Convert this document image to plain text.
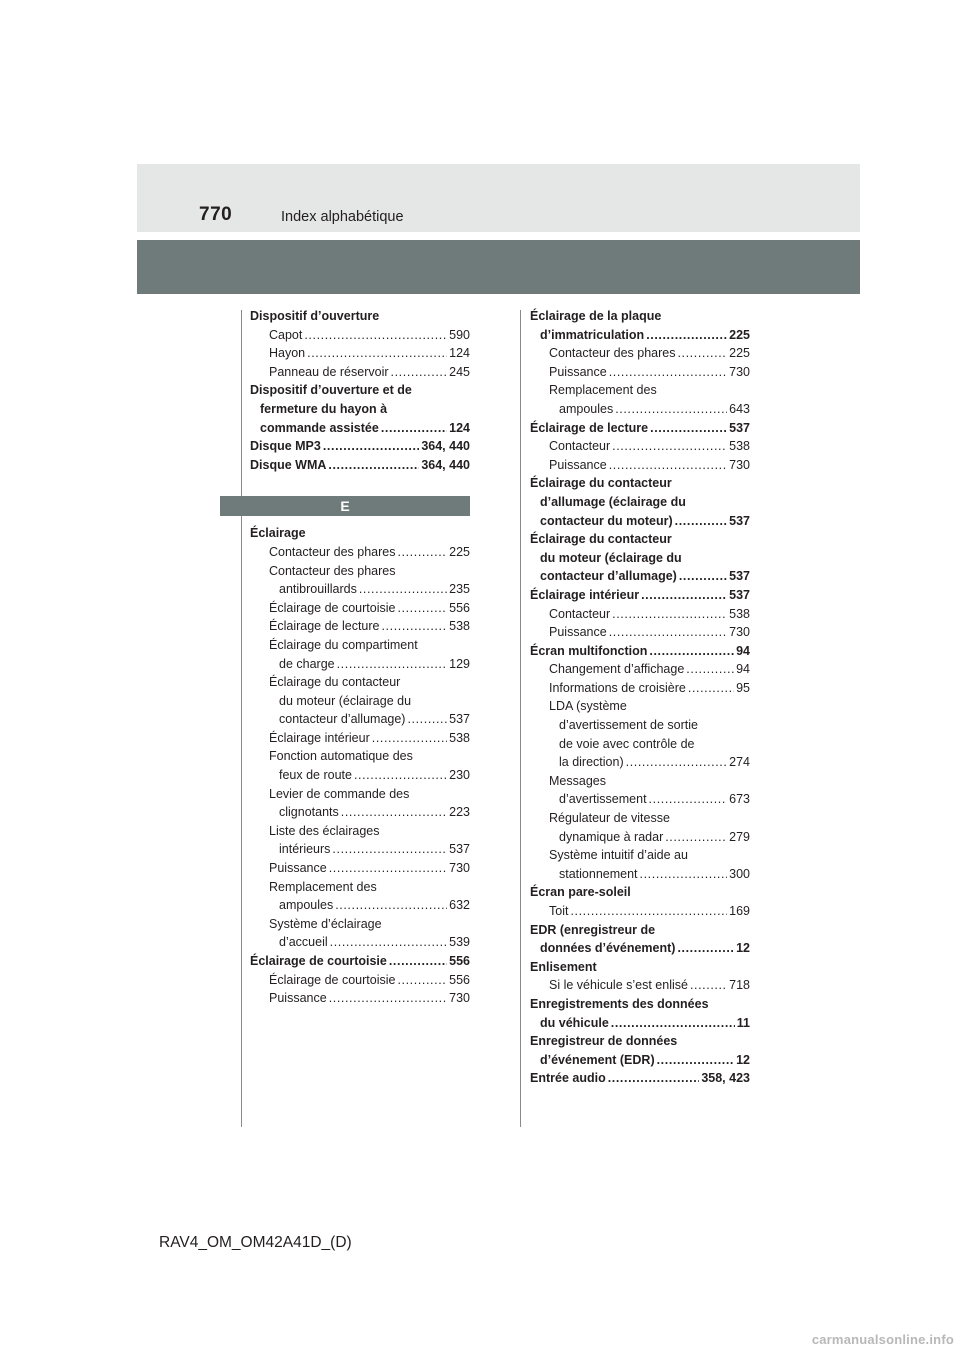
770	Index alphabétique
Dispositif d’ouverture
Capot .....	590
Hayon .....	124
Panneau de réservoir .....	245
Dispositif d’ouverture et de
fermeture du hayon à
commande assistée .....	124
Disque MP3 .....	364, 440
Disque WMA .....	364, 440
E
Éclairage
Contacteur des phares .....	225
Contacteur des phares
antibrouillards .....	235
Éclairage de courtoisie .....	556
Éclairage de lecture .....	538
Éclairage du compartiment
de charge .....	129
Éclairage du contacteur
du moteur (éclairage du
contacteur d’allumage) .....	537
Éclairage intérieur .....	538
Fonction automatique des
feux de route .....	230
Levier de commande des
clignotants .....	223
Liste des éclairages
intérieurs .....	537
Puissance .....	730
Remplacement des
ampoules .....	632
Système d’éclairage
d’accueil .....	539
Éclairage de courtoisie .....	556
Éclairage de courtoisie .....	556
Puissance .....	730
Éclairage de la plaque
d’immatriculation .....	225
Contacteur des phares .....	225
Puissance .....	730
Remplacement des
ampoules .....	643
Éclairage de lecture .....	537
Contacteur .....	538
Puissance .....	730
Éclairage du contacteur
d’allumage (éclairage du
contacteur du moteur) .....	537
Éclairage du contacteur
du moteur (éclairage du
contacteur d’allumage) .....	537
Éclairage intérieur .....	537
Contacteur .....	538
Puissance .....	730
Écran multifonction .....	94
Changement d’affichage .....	94
Informations de croisière .....	95
LDA (système
d’avertissement de sortie
de voie avec contrôle de
la direction) .....	274
Messages
d’avertissement .....	673
Régulateur de vitesse
dynamique à radar .....	279
Système intuitif d’aide au
stationnement .....	300
Écran pare-soleil
Toit .....	169
EDR (enregistreur de
données d’événement) .....	12
Enlisement
Si le véhicule s’est enlisé .....	718
Enregistrements des données
du véhicule .....	11
Enregistreur de données
d’événement (EDR) .....	12
Entrée audio .....	358, 423
RAV4_OM_OM42A41D_(D)
carmanualsonline.info
